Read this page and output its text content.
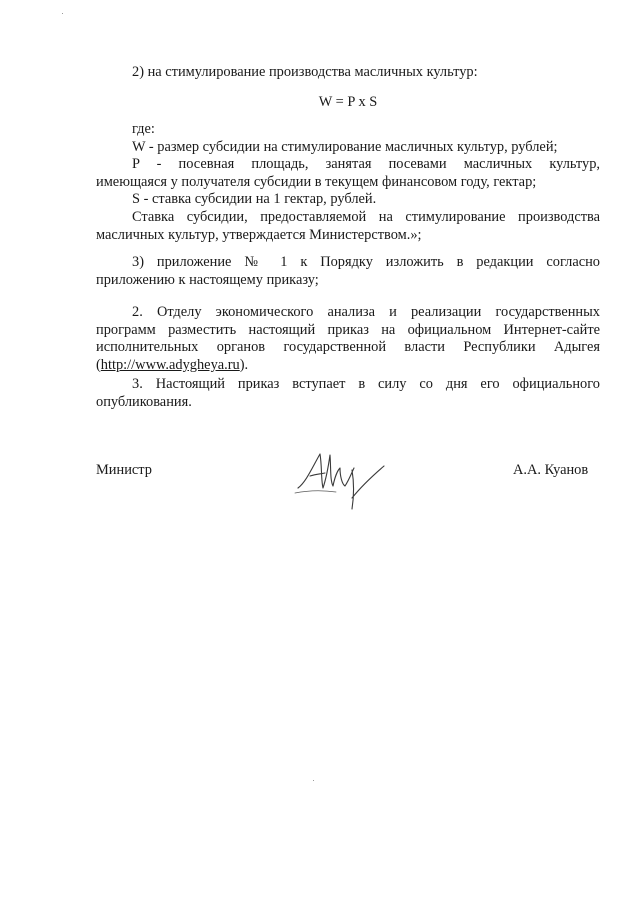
2) на стимулирование производства масличных культур:
W = P x S
где:
W - размер субсидии на стимулирование масличных культур, рублей;
P - посевная площадь, занятая посевами масличных культур,
имеющаяся у получателя субсидии в текущем финансовом году, гектар;
S - ставка субсидии на 1 гектар, рублей.
Ставка субсидии, предоставляемой на стимулирование производства
масличных культур, утверждается Министерством.»;
3) приложение № 1 к Порядку изложить в редакции согласно
приложению к настоящему приказу;
2. Отделу экономического анализа и реализации государственных
программ разместить настоящий приказ на официальном Интернет-сайте
исполнительных органов государственной власти Республики Адыгея
(http://www.adygheya.ru).
3. Настоящий приказ вступает в силу со дня его официального
опубликования.
Министр	А.А. Куанов
